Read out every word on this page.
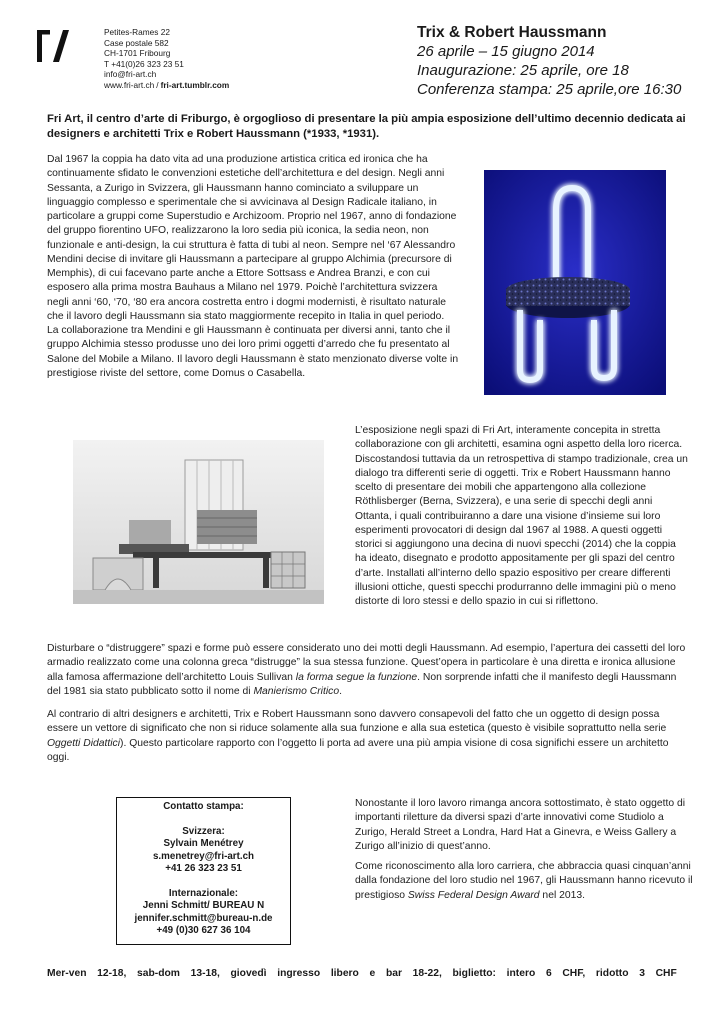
Petites-Rames 22
Case postale 582
CH-1701 Fribourg
T +41(0)26 323 23 51
info@fri-art.ch
www.fri-art.ch / fri-art.tumblr.com
Trix & Robert Haussmann
26 aprile – 15 giugno 2014
Inaugurazione: 25 aprile, ore 18
Conferenza stampa: 25 aprile,ore 16:30
Fri Art, il centro d’arte di Friburgo, è orgoglioso di presentare la più ampia esposizione dell’ultimo decennio dedicata ai designers e architetti Trix e Robert Haussmann (*1933, *1931).

Dal 1967 la coppia ha dato vita ad una produzione artistica critica ed ironica che ha continuamente sfidato le convenzioni estetiche dell’architettura e del design. Negli anni Sessanta, a Zurigo in Svizzera, gli Haussmann hanno cominciato a sviluppare un linguaggio complesso e sperimentale che si avvicinava al Design Radicale italiano, in particolare a gruppi come Superstudio e Archizoom. Proprio nel 1967, anno di fondazione del gruppo fiorentino UFO, realizzarono la loro sedia più iconica, la sedia neon, non funzionale e anti-design, la cui struttura è fatta di tubi al neon. Sempre nel ‘67 Alessandro Mendini decise di invitare gli Haussmann a partecipare al gruppo Alchimia (precursore di Memphis), di cui facevano parte anche a Ettore Sottsass e Andrea Branzi, e con cui esposero alla prima mostra Bauhaus a Milano nel 1979. Poichè l’architettura svizzera negli anni ‘60, ‘70, ‘80 era ancora costretta entro i dogmi modernisti, è risultato naturale che il lavoro degli Haussmann sia stato maggiormente recepito in Italia in quel periodo.

La collaborazione tra Mendini e gli Haussmann è continuata per diversi anni, tanto che il gruppo Alchimia stesso produsse uno dei loro primi oggetti d’arredo che fu presentato al Salone del Mobile a Milano. Il lavoro degli Haussmann è stato menzionato diverse volte in prestigiose riviste del settore, come Domus o Casabella.

L’esposizione negli spazi di Fri Art, interamente concepita in stretta collaborazione con gli architetti, esamina ogni aspetto della loro ricerca. Discostandosi tuttavia da un retrospettiva di stampo tradizionale, crea un dialogo tra differenti serie di oggetti. Trix e Robert Haussmann hanno scelto di presentare dei mobili che appartengono alla collezione Röthlisberger (Berna, Svizzera), e una serie di specchi degli anni Ottanta, i quali contribuiranno a dare una visione d’insieme sui loro esperimenti provocatori di design dal 1967 al 1988. A questi oggetti storici si aggiungono una decina di nuovi specchi (2014) che la coppia ha ideato, disegnato e prodotto appositamente per gli spazi del centro d’arte. Installati all’interno dello spazio espositivo per creare differenti illusioni ottiche, questi specchi produrranno delle immagini più o meno distorte di loro stessi e dello spazio in cui si riflettono.
Disturbare o “distruggere” spazi e forme può essere considerato uno dei motti degli Haussmann. Ad esempio, l’apertura dei cassetti del loro armadio realizzato come una colonna greca “distrugge” la sua stessa funzione. Quest’opera in particolare è una diretta e ironica allusione alla famosa affermazione dell’architetto Louis Sullivan la forma segue la funzione. Non sorprende infatti che il manifesto degli Haussmann del 1981 sia stato pubblicato sotto il nome di Manierismo Critico.
Al contrario di altri designers e architetti, Trix e Robert Haussmann sono davvero consapevoli del fatto che un oggetto di design possa essere un vettore di significato che non si riduce solamente alla sua funzione e alla sua estetica (questo è visibile soprattutto nella serie Oggetti Didattici). Questo particolare rapporto con l’oggetto li porta ad avere una più ampia visione di cosa significhi essere un architetto oggi.
Contatto stampa:
Svizzera:
Sylvain Menétrey
s.menetrey@fri-art.ch
+41 26 323 23 51
Internazionale:
Jenni Schmitt/ BUREAU N
jennifer.schmitt@bureau-n.de
+49 (0)30 627 36 104

Nonostante il loro lavoro rimanga ancora sottostimato, è stato oggetto di importanti riletture da diversi spazi d’arte innovativi come Studiolo a Zurigo, Herald Street a Londra, Hard Hat a Ginevra, e Weiss Gallery a Zurigo all’inizio di quest’anno.

Come riconoscimento alla loro carriera, che abbraccia quasi cinquan’anni dalla fondazione del loro studio nel 1967, gli Haussmann hanno ricevuto il prestigioso Swiss Federal Design Award nel 2013.

Mer-ven 12-18, sab-dom 13-18, giovedì ingresso libero e bar 18-22, biglietto: intero 6 CHF, ridotto 3 CHF
